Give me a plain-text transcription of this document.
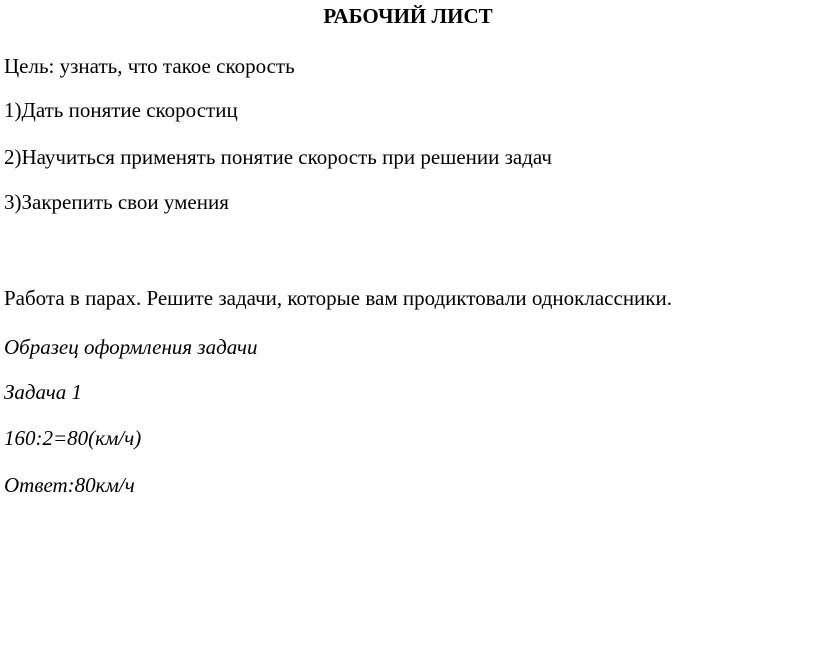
РАБОЧИЙ ЛИСТ
Цель: узнать, что такое скорость
1)Дать понятие скоростиц
2)Научиться применять понятие скорость при решении задач
3)Закрепить свои умения
Работа в парах. Решите задачи, которые вам продиктовали одноклассники.
Образец оформления задачи
Задача 1
160:2=80(км/ч)
Ответ:80км/ч
